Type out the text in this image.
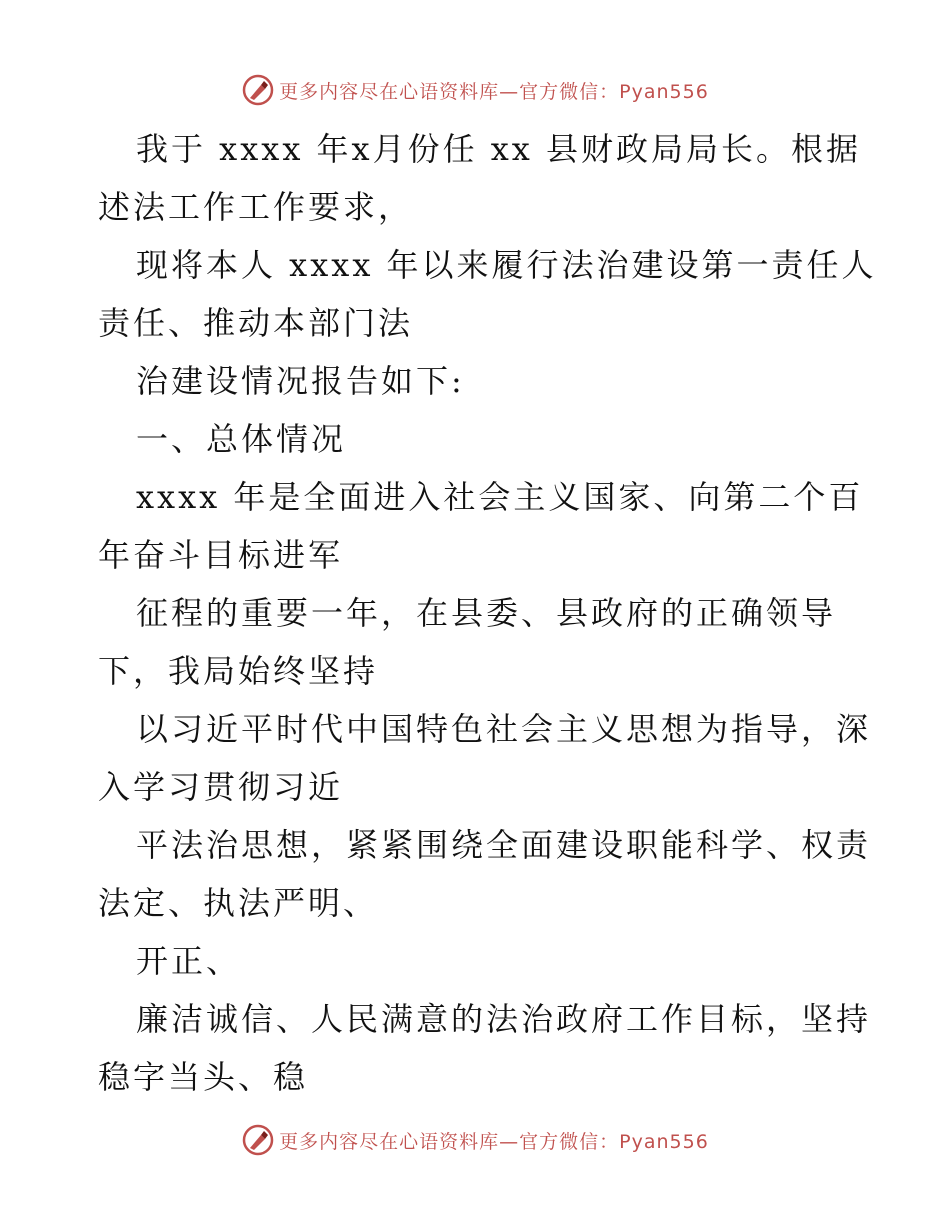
更多内容尽在心语资料库—官方微信：Pyan556
我于 xxxx 年x月份任 xx 县财政局局长。根据
述法工作工作要求，
现将本人 xxxx 年以来履行法治建设第一责任人
责任、推动本部门法
治建设情况报告如下:
一、总体情况
xxxx 年是全面进入社会主义国家、向第二个百
年奋斗目标进军
征程的重要一年，在县委、县政府的正确领导
下，我局始终坚持
以习近平时代中国特色社会主义思想为指导，深
入学习贯彻习近
平法治思想，紧紧围绕全面建设职能科学、权责
法定、执法严明、
开正、
廉洁诚信、人民满意的法治政府工作目标，坚持
稳字当头、稳
更多内容尽在心语资料库—官方微信：Pyan556
